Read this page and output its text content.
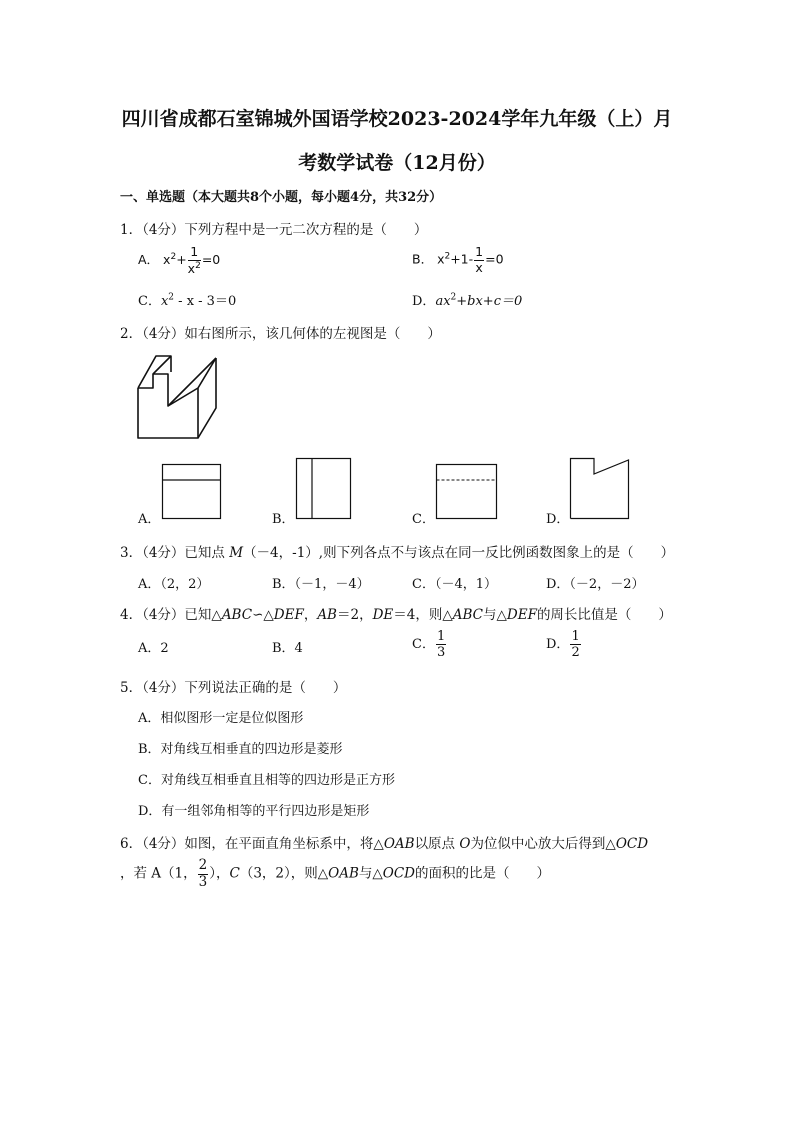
四川省成都石室锦城外国语学校2023-2024学年九年级（上）月
考数学试卷（12月份）
一、单选题（本大题共8个小题，每小题4分，共32分）
1．（4分）下列方程中是一元二次方程的是（　　）
A． $x^2+ \frac{1}{x^2} =0$	B． $x^2+1- \frac{1}{x} =0$
C．$x^2 - x - 3=0$	D．$ax^2+bx+c=0$
2．（4分）如右图所示，该几何体的左视图是（　　）
A．	B．	C．	D．
3．（4分）已知点 M（－4，-1）,则下列各点不与该点在同一反比例函数图象上的是（　　）
A．（2，2）	B．（－1，－4）	C．（－4，1）	D．（－2，－2）
4．（4分）已知△ABC∽△DEF，AB＝2，DE＝4，则△ABC与△DEF的周长比值是（　　）
A．2	B．4	C． $\frac{1}{3}$	D． $\frac{1}{2}$
5．（4分）下列说法正确的是（　　）
A．相似图形一定是位似图形
B．对角线互相垂直的四边形是菱形
C．对角线互相垂直且相等的四边形是正方形
D．有一组邻角相等的平行四边形是矩形
6．（4分）如图，在平面直角坐标系中，将△OAB以原点 O为位似中心放大后得到△OCD
，若 A（1， $\frac{2}{3}$ ），C（3，2），则△OAB与△OCD的面积的比是（　　）
